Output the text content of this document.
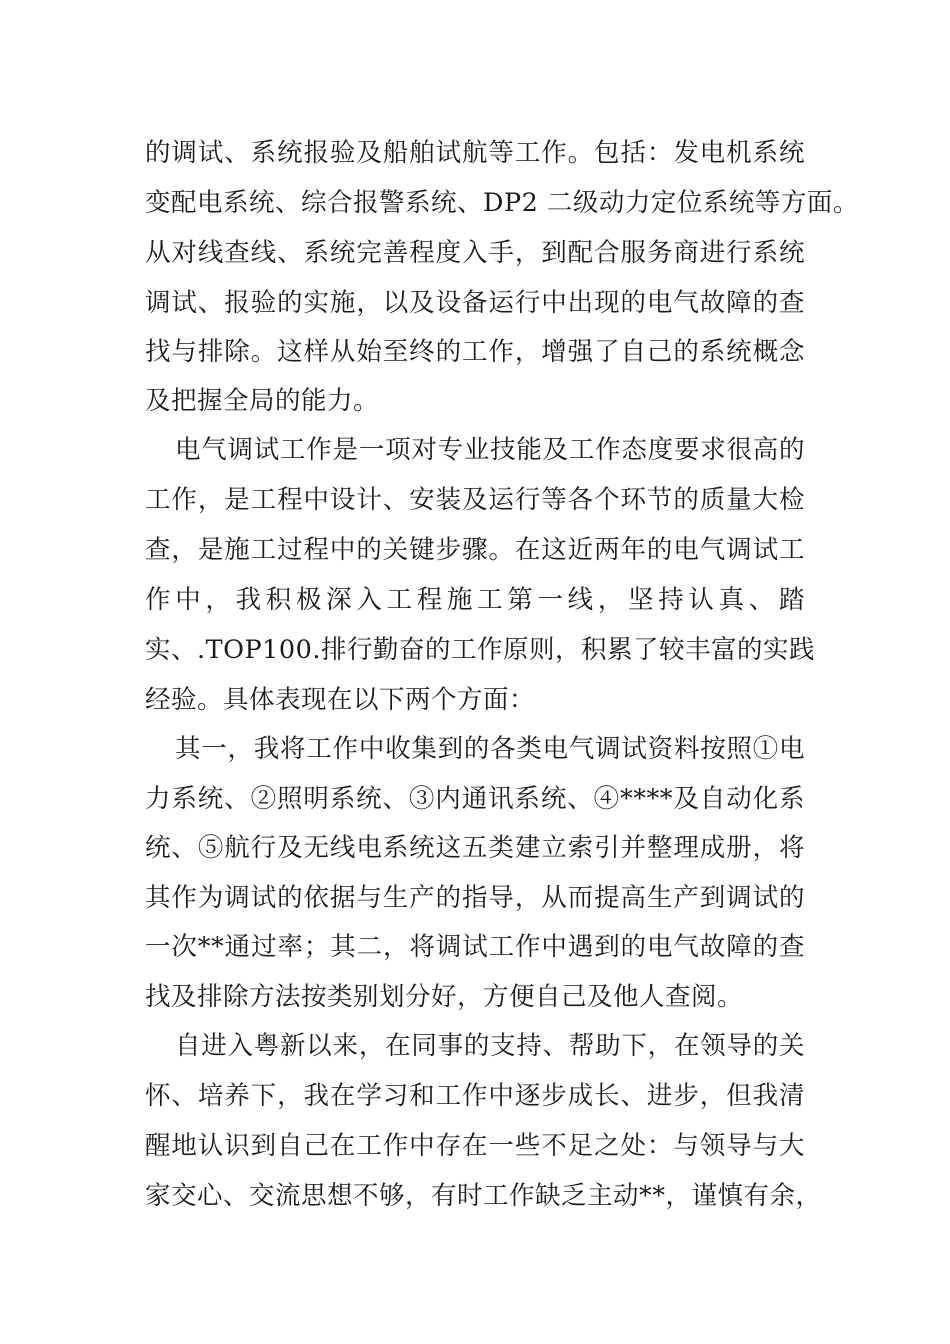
的调试、系统报验及船舶试航等工作。包括：发电机系统
变配电系统、综合报警系统、DP2 二级动力定位系统等方面。
从对线查线、系统完善程度入手，到配合服务商进行系统
调试、报验的实施，以及设备运行中出现的电气故障的查
找与排除。这样从始至终的工作，增强了自己的系统概念
及把握全局的能力。
电气调试工作是一项对专业技能及工作态度要求很高的
工作，是工程中设计、安装及运行等各个环节的质量大检
查，是施工过程中的关键步骤。在这近两年的电气调试工
作中，我积极深入工程施工第一线，坚持认真、踏
实、.TOP100.排行勤奋的工作原则，积累了较丰富的实践
经验。具体表现在以下两个方面：
其一，我将工作中收集到的各类电气调试资料按照①电
力系统、②照明系统、③内通讯系统、④****及自动化系
统、⑤航行及无线电系统这五类建立索引并整理成册，将
其作为调试的依据与生产的指导，从而提高生产到调试的
一次**通过率；其二，将调试工作中遇到的电气故障的查
找及排除方法按类别划分好，方便自己及他人查阅。
自进入粤新以来，在同事的支持、帮助下，在领导的关
怀、培养下，我在学习和工作中逐步成长、进步，但我清
醒地认识到自己在工作中存在一些不足之处：与领导与大
家交心、交流思想不够，有时工作缺乏主动**，谨慎有余，
